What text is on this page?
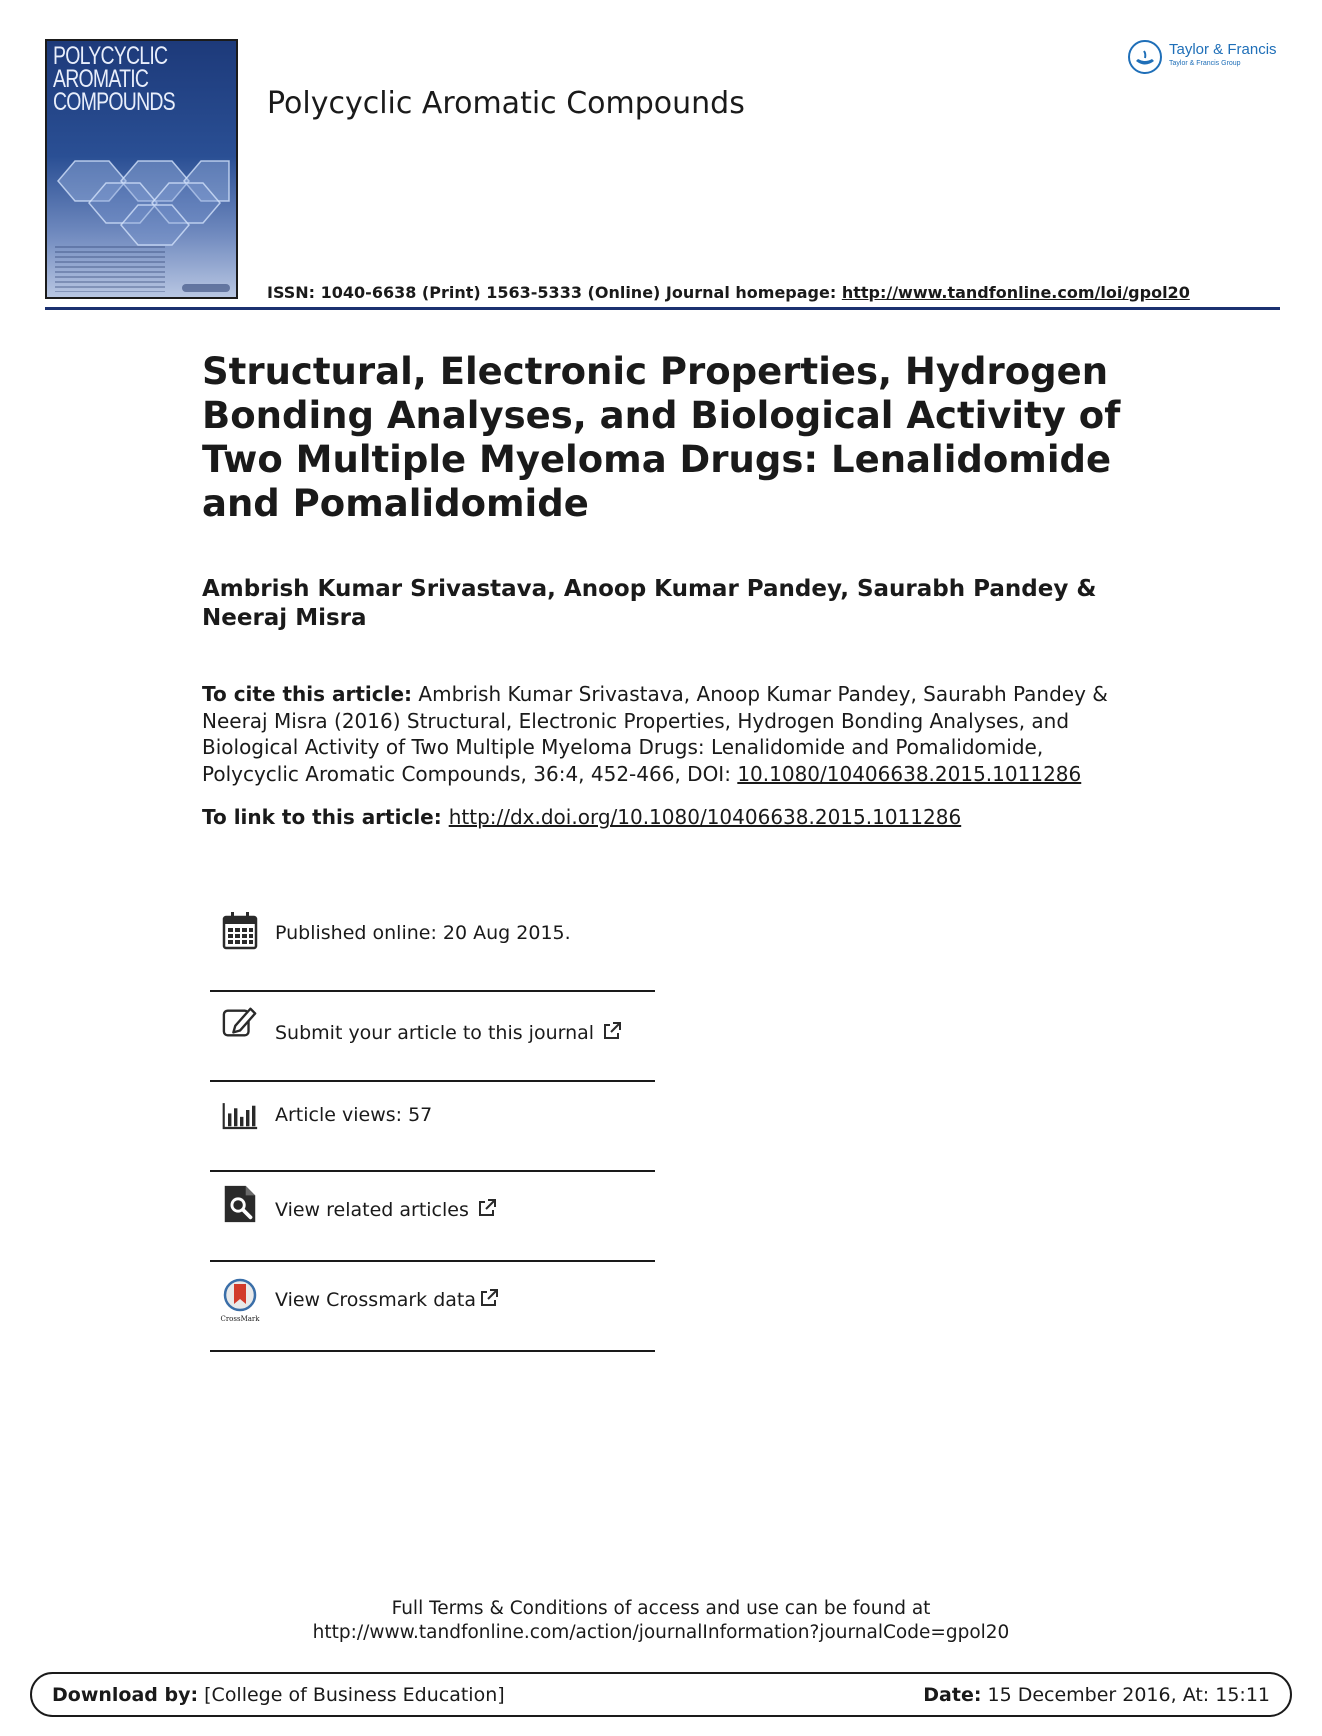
POLYCYCLIC
AROMATIC
COMPOUNDS	Polycyclic Aromatic Compounds
Taylor & Francis
Taylor & Francis Group
ISSN: 1040-6638 (Print) 1563-5333 (Online) Journal homepage: http://www.tandfonline.com/loi/gpol20
Structural, Electronic Properties, Hydrogen Bonding Analyses, and Biological Activity of Two Multiple Myeloma Drugs: Lenalidomide and Pomalidomide
Ambrish Kumar Srivastava, Anoop Kumar Pandey, Saurabh Pandey & Neeraj Misra
To cite this article: Ambrish Kumar Srivastava, Anoop Kumar Pandey, Saurabh Pandey & Neeraj Misra (2016) Structural, Electronic Properties, Hydrogen Bonding Analyses, and Biological Activity of Two Multiple Myeloma Drugs: Lenalidomide and Pomalidomide, Polycyclic Aromatic Compounds, 36:4, 452-466, DOI: 10.1080/10406638.2015.1011286
To link to this article: http://dx.doi.org/10.1080/10406638.2015.1011286
Published online: 20 Aug 2015.
Submit your article to this journal
Article views: 57
View related articles
CrossMark
View Crossmark data
Full Terms & Conditions of access and use can be found at
http://www.tandfonline.com/action/journalInformation?journalCode=gpol20
Download by: [College of Business Education]	Date: 15 December 2016, At: 15:11
